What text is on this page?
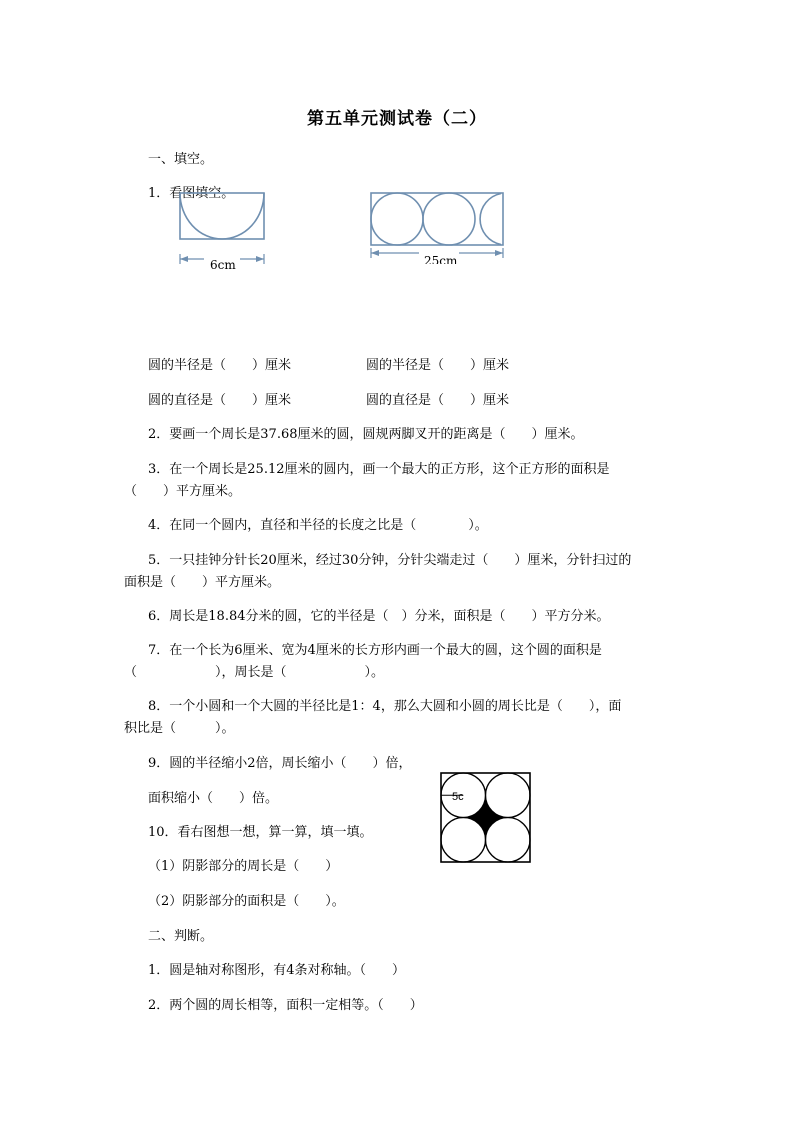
第五单元测试卷（二）
一、填空。
1．看图填空。
6cm	25cm
圆的半径是（　　）厘米	圆的半径是（　　）厘米
圆的直径是（　　）厘米	圆的直径是（　　）厘米
2．要画一个周长是37.68厘米的圆，圆规两脚叉开的距离是（　　）厘米。
3．在一个周长是25.12厘米的圆内，画一个最大的正方形，这个正方形的面积是
（　　）平方厘米。
4．在同一个圆内，直径和半径的长度之比是（　　　　）。
5．一只挂钟分针长20厘米，经过30分钟，分针尖端走过（　　）厘米，分针扫过的
面积是（　　）平方厘米。
6．周长是18.84分米的圆，它的半径是（　）分米，面积是（　　）平方分米。
7．在一个长为6厘米、宽为4厘米的长方形内画一个最大的圆，这个圆的面积是
（　　　　　　），周长是（　　　　　　）。
8．一个小圆和一个大圆的半径比是1：4，那么大圆和小圆的周长比是（　　），面
积比是（　　　）。
9．圆的半径缩小2倍，周长缩小（　　）倍，
面积缩小（　　）倍。	5c
10．看右图想一想，算一算，填一填。
（1）阴影部分的周长是（　　）
（2）阴影部分的面积是（　　）。
二、判断。
1．圆是轴对称图形，有4条对称轴。（　　）
2．两个圆的周长相等，面积一定相等。（　　）
